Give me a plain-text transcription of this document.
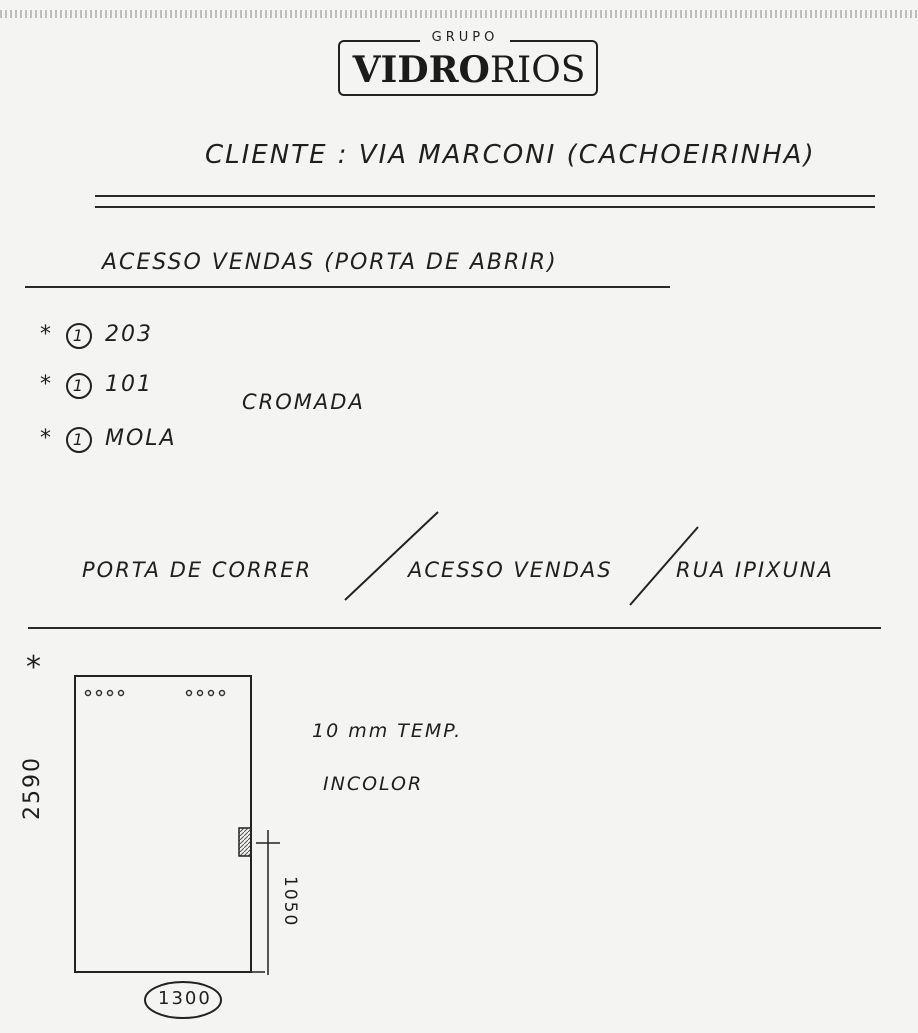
GRUPO
VIDRORIOS
CLIENTE : VIA MARCONI (CACHOEIRINHA)
ACESSO VENDAS (PORTA DE ABRIR)
* 1 203
* 1 101
* 1 MOLA
CROMADA
PORTA DE CORRER	ACESSO VENDAS	RUA IPIXUNA
*
2590
1050
1300
10 mm TEMP.
INCOLOR
